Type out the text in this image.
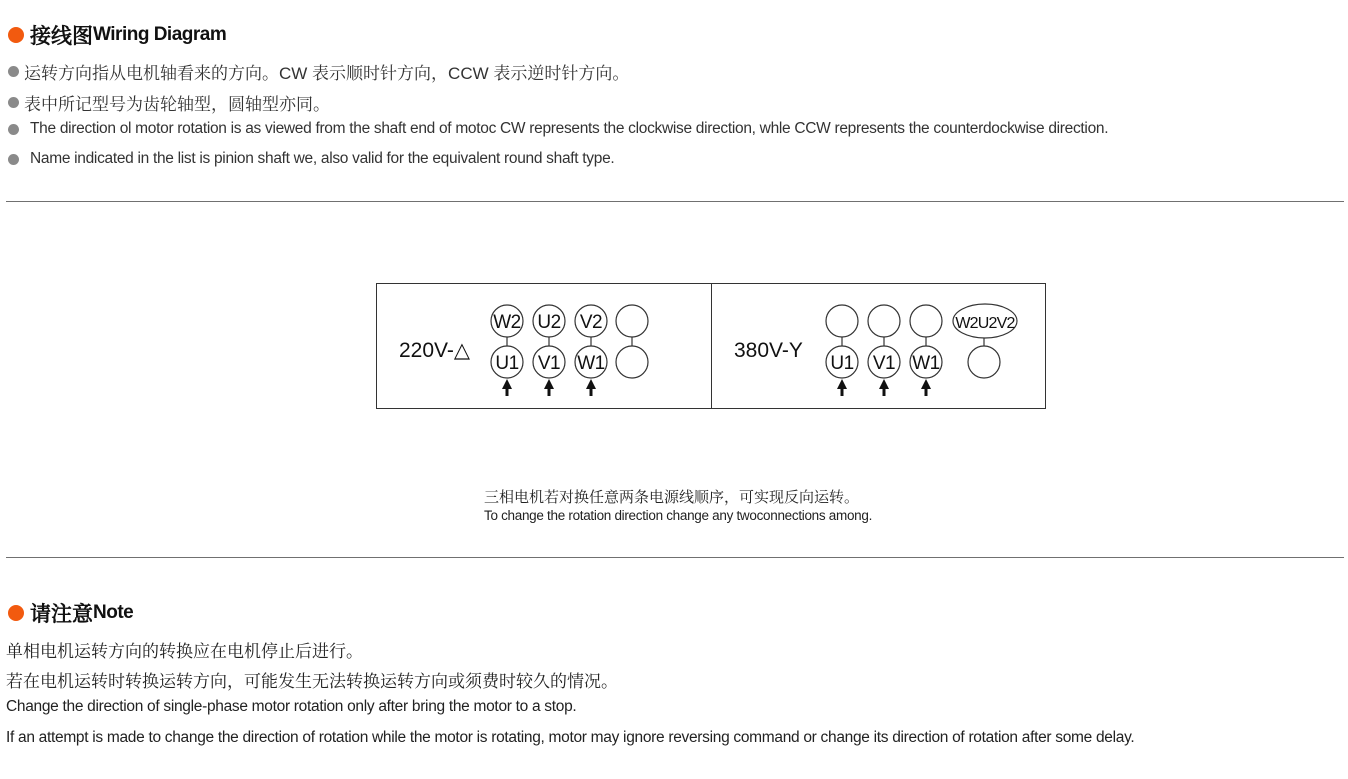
接线图 Wiring Diagram
运转方向指从电机轴看来的方向。CW 表示顺时针方向，CCW 表示逆时针方向。
表中所记型号为齿轮轴型，圆轴型亦同。
The direction ol motor rotation is as viewed from the shaft end of motoc CW represents the clockwise direction, whle CCW represents the counterdockwise direction.
Name indicated in the list is pinion shaft we, also valid for the equivalent round shaft type.
220V-△	380V-Y
W2 U2 V2
U1 V1 W1
W2U2V2
U1 V1 W1
三相电机若对换任意两条电源线顺序，可实现反向运转。
To change the rotation direction change any twoconnections among.
请注意 Note
单相电机运转方向的转换应在电机停止后进行。
若在电机运转时转换运转方向，可能发生无法转换运转方向或须费时较久的情况。
Change the direction of single-phase motor rotation only after bring the motor to a stop.
If an attempt is made to change the direction of rotation while the motor is rotating, motor may ignore reversing command or change its direction of rotation after some delay.
